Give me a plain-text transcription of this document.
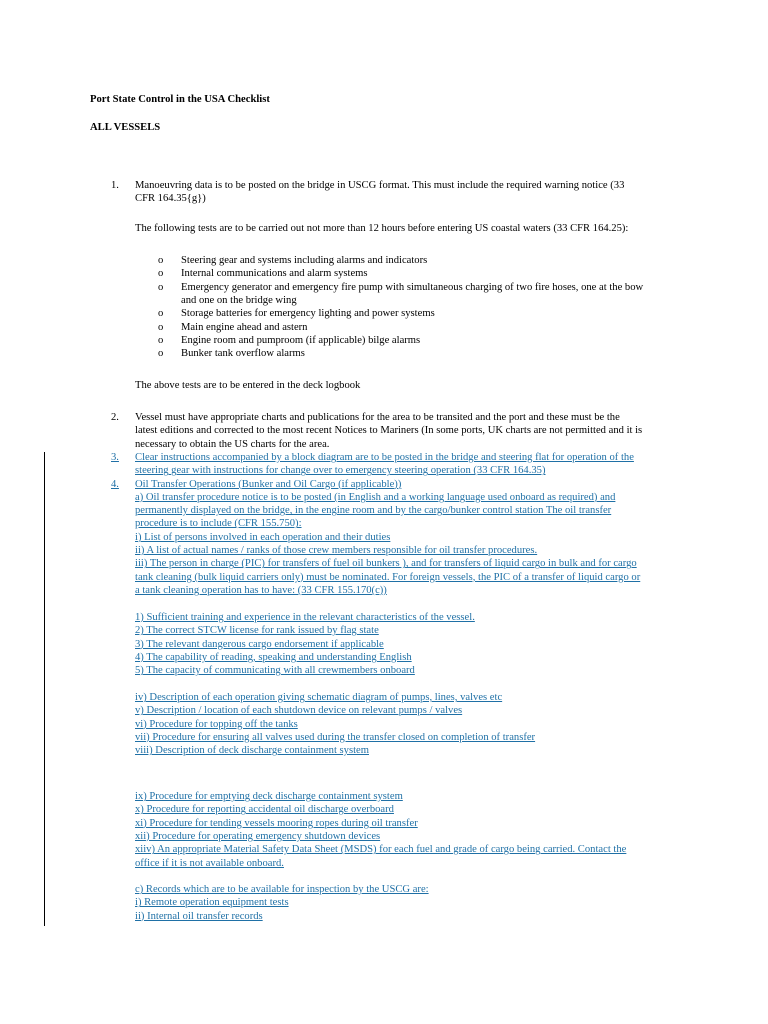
Port State Control in the USA Checklist
ALL VESSELS
1. Manoeuvring data is to be posted on the bridge in USCG format. This must include the required warning notice (33
CFR 164.35{g})
The following tests are to be carried out not more than 12 hours before entering US coastal waters (33 CFR 164.25):
o Steering gear and systems including alarms and indicators
o Internal communications and alarm systems
o Emergency generator and emergency fire pump with simultaneous charging of two fire hoses, one at the bow
and one on the bridge wing
o Storage batteries for emergency lighting and power systems
o Main engine ahead and astern
o Engine room and pumproom (if applicable) bilge alarms
o Bunker tank overflow alarms
The above tests are to be entered in the deck logbook
2. Vessel must have appropriate charts and publications for the area to be transited and the port and these must be the
latest editions and corrected to the most recent Notices to Mariners (In some ports, UK charts are not permitted and it is
necessary to obtain the US charts for the area.
3. Clear instructions accompanied by a block diagram are to be posted in the bridge and steering flat for operation of the
steering gear with instructions for change over to emergency steering operation (33 CFR 164.35)
4. Oil Transfer Operations (Bunker and Oil Cargo (if applicable))
a) Oil transfer procedure notice is to be posted (in English and a working language used onboard as required) and
permanently displayed on the bridge, in the engine room and by the cargo/bunker control station The oil transfer
procedure is to include (CFR 155.750):
i) List of persons involved in each operation and their duties
ii) A list of actual names / ranks of those crew members responsible for oil transfer procedures.
iii) The person in charge (PIC) for transfers of fuel oil bunkers ), and for transfers of liquid cargo in bulk and for cargo
tank cleaning (bulk liquid carriers only) must be nominated. For foreign vessels, the PIC of a transfer of liquid cargo or
a tank cleaning operation has to have: (33 CFR 155.170(c))
1) Sufficient training and experience in the relevant characteristics of the vessel.
2) The correct STCW license for rank issued by flag state
3) The relevant dangerous cargo endorsement if applicable
4) The capability of reading, speaking and understanding English
5) The capacity of communicating with all crewmembers onboard
iv) Description of each operation giving schematic diagram of pumps, lines, valves etc
v) Description / location of each shutdown device on relevant pumps / valves
vi) Procedure for topping off the tanks
vii) Procedure for ensuring all valves used during the transfer closed on completion of transfer
viii) Description of deck discharge containment system
ix) Procedure for emptying deck discharge containment system
x) Procedure for reporting accidental oil discharge overboard
xi) Procedure for tending vessels mooring ropes during oil transfer
xii) Procedure for operating emergency shutdown devices
xiiv) An appropriate Material Safety Data Sheet (MSDS) for each fuel and grade of cargo being carried. Contact the
office if it is not available onboard.
c) Records which are to be available for inspection by the USCG are:
i) Remote operation equipment tests
ii) Internal oil transfer records
